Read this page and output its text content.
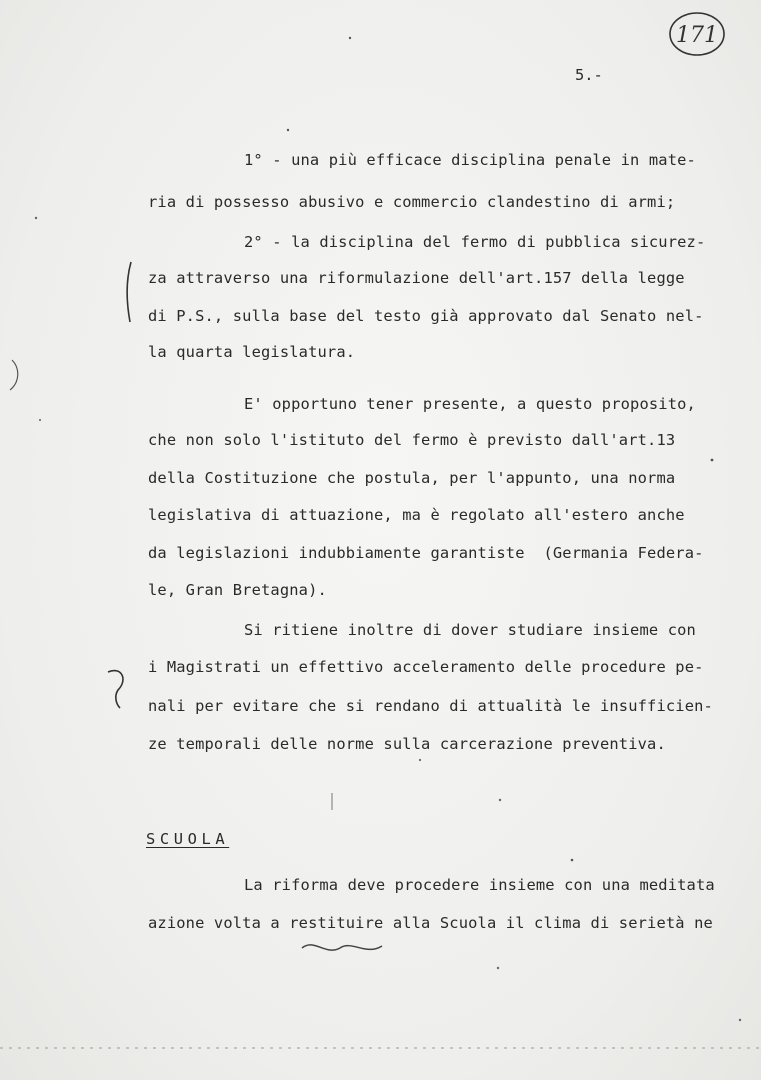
171
5.-
1° - una più efficace disciplina penale in mate-
ria di possesso abusivo e commercio clandestino di armi;
2° - la disciplina del fermo di pubblica sicurez-
za attraverso una riformulazione dell'art.157 della legge
di P.S., sulla base del testo già approvato dal Senato nel-
la quarta legislatura.
E' opportuno tener presente, a questo proposito,
che non solo l'istituto del fermo è previsto dall'art.13
della Costituzione che postula, per l'appunto, una norma
legislativa di attuazione, ma è regolato all'estero anche
da legislazioni indubbiamente garantiste  (Germania Federa-
le, Gran Bretagna).
Si ritiene inoltre di dover studiare insieme con
i Magistrati un effettivo acceleramento delle procedure pe-
nali per evitare che si rendano di attualità le insufficien-
ze temporali delle norme sulla carcerazione preventiva.
SCUOLA
La riforma deve procedere insieme con una meditata
azione volta a restituire alla Scuola il clima di serietà ne
